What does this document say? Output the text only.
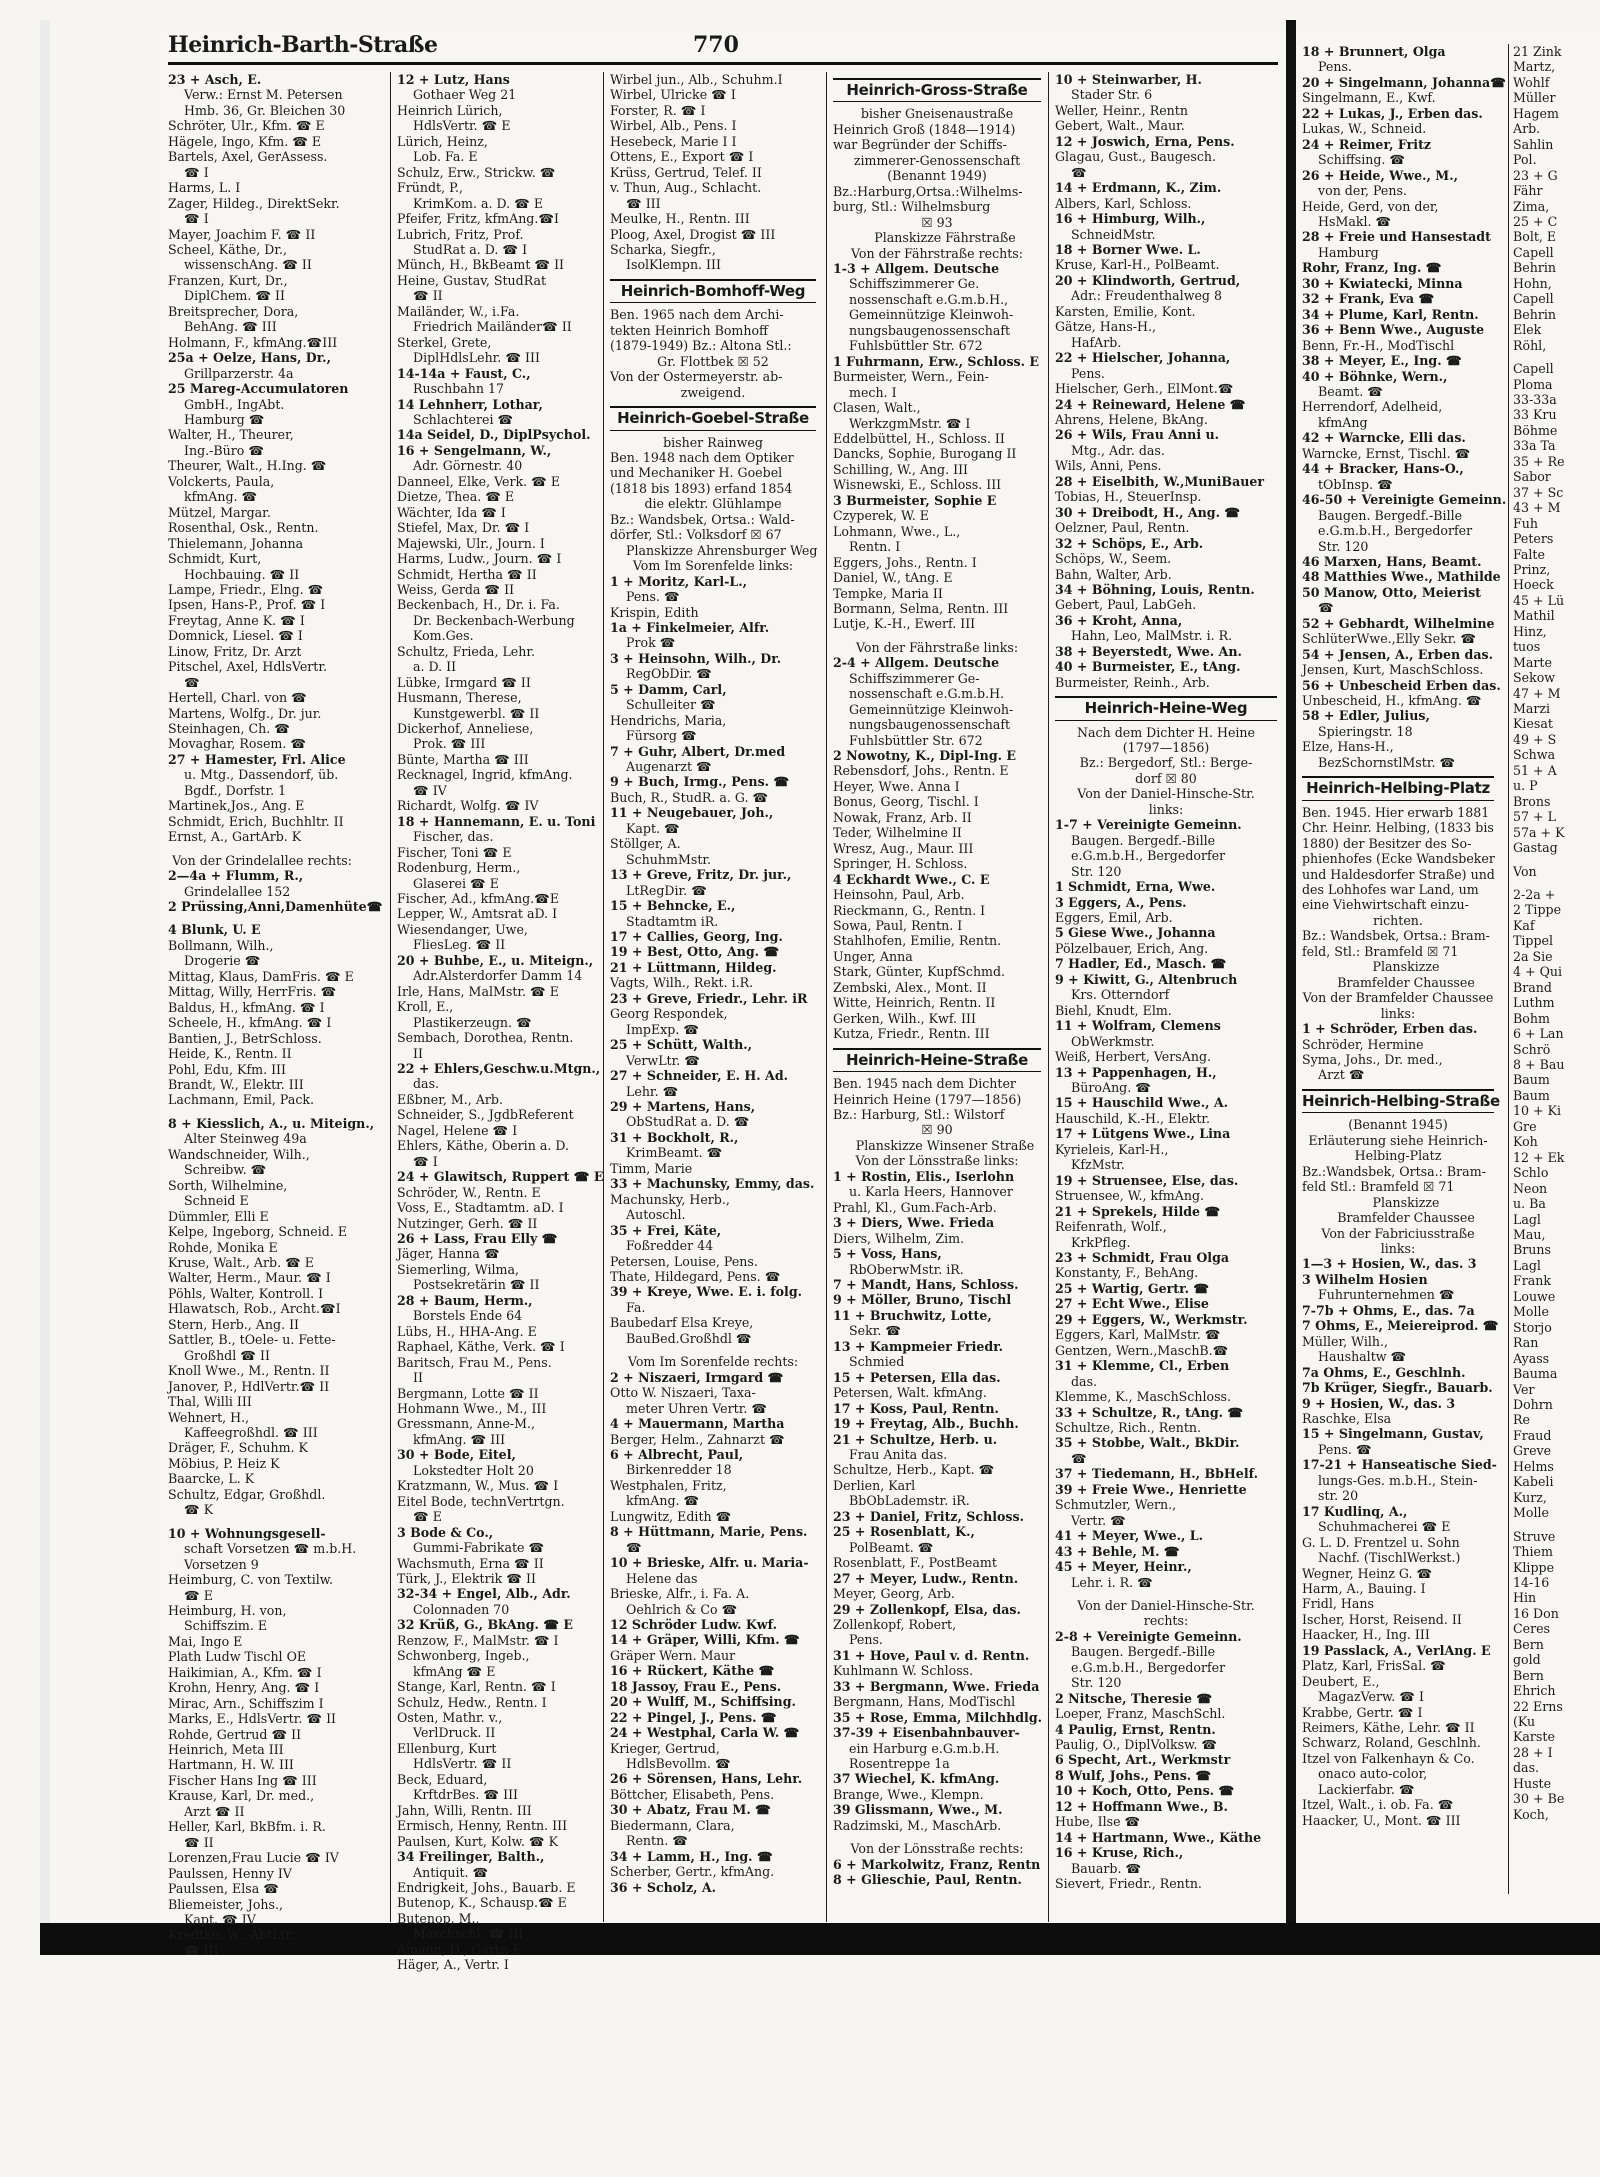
Heinrich-Barth-Straße	770
23 + Asch, E.
Verw.: Ernst M. Petersen
Hmb. 36, Gr. Bleichen 30
Schröter, Ulr., Kfm. ☎ E
Hägele, Ingo, Kfm. ☎ E
Bartels, Axel, GerAssess.
☎ I
Harms, L. I
Zager, Hildeg., DirektSekr.
☎ I
Mayer, Joachim F. ☎ II
Scheel, Käthe, Dr.,
wissenschAng. ☎ II
Franzen, Kurt, Dr.,
DiplChem. ☎ II
Breitsprecher, Dora,
BehAng. ☎ III
Holmann, F., kfmAng.☎III
25a + Oelze, Hans, Dr.,
Grillparzerstr. 4a
25 Mareg-Accumulatoren
GmbH., IngAbt.
Hamburg ☎
Walter, H., Theurer,
Ing.-Büro ☎
Theurer, Walt., H.Ing. ☎
Volckerts, Paula,
kfmAng. ☎
Mützel, Margar.
Rosenthal, Osk., Rentn.
Thielemann, Johanna
Schmidt, Kurt,
Hochbauing. ☎ II
Lampe, Friedr., Elng. ☎
Ipsen, Hans-P., Prof. ☎ I
Freytag, Anne K. ☎ I
Domnick, Liesel. ☎ I
Linow, Fritz, Dr. Arzt
Pitschel, Axel, HdlsVertr.
☎
Hertell, Charl. von ☎
Martens, Wolfg., Dr. jur.
Steinhagen, Ch. ☎
Movaghar, Rosem. ☎
27 + Hamester, Frl. Alice
u. Mtg., Dassendorf, üb.
Bgdf., Dorfstr. 1
Martinek,Jos., Ang. E
Schmidt, Erich, Buchhltr. II
Ernst, A., GartArb. K
Von der Grindelallee rechts:
2—4a + Flumm, R.,
Grindelallee 152
2 Prüssing,Anni,Damenhüte☎
4 Blunk, U. E
Bollmann, Wilh.,
Drogerie ☎
Mittag, Klaus, DamFris. ☎ E
Mittag, Willy, HerrFris. ☎
Baldus, H., kfmAng. ☎ I
Scheele, H., kfmAng. ☎ I
Bantien, J., BetrSchloss.
Heide, K., Rentn. II
Pohl, Edu, Kfm. III
Brandt, W., Elektr. III
Lachmann, Emil, Pack.
8 + Kiesslich, A., u. Miteign.,
Alter Steinweg 49a
Wandschneider, Wilh.,
Schreibw. ☎
Sorth, Wilhelmine,
Schneid E
Dümmler, Elli E
Kelpe, Ingeborg, Schneid. E
Rohde, Monika E
Kruse, Walt., Arb. ☎ E
Walter, Herm., Maur. ☎ I
Pöhls, Walter, Kontroll. I
Hlawatsch, Rob., Archt.☎I
Stern, Herb., Ang. II
Sattler, B., tOele- u. Fette-
Großhdl ☎ II
Knoll Wwe., M., Rentn. II
Janover, P., HdlVertr.☎ II
Thal, Willi III
Wehnert, H.,
Kaffeegroßhdl. ☎ III
Dräger, F., Schuhm. K
Möbius, P. Heiz K
Baarcke, L. K
Schultz, Edgar, Großhdl.
☎ K
10 + Wohnungsgesell-
schaft Vorsetzen ☎ m.b.H.
Vorsetzen 9
Heimburg, C. von Textilw.
☎ E
Heimburg, H. von,
Schiffszim. E
Mai, Ingo E
Plath Ludw Tischl OE
Haikimian, A., Kfm. ☎ I
Krohn, Henry, Ang. ☎ I
Mirac, Arn., Schiffszim I
Marks, E., HdlsVertr. ☎ II
Rohde, Gertrud ☎ II
Heinrich, Meta III
Hartmann, H. W. III
Fischer Hans Ing ☎ III
Krause, Karl, Dr. med.,
Arzt ☎ II
Heller, Karl, BkBfm. i. R.
☎ II
Lorenzen,Frau Lucie ☎ IV
Paulssen, Henny IV
Paulssen, Elsa ☎
Bliemeister, Johs.,
Kapt. ☎ IV
Kredtke, W., AbtLtr.
☎ III
12 + Lutz, Hans
Gothaer Weg 21
Heinrich Lürich,
HdlsVertr. ☎ E
Lürich, Heinz,
Lob. Fa. E
Schulz, Erw., Strickw. ☎
Fründt, P.,
KrimKom. a. D. ☎ E
Pfeifer, Fritz, kfmAng.☎I
Lubrich, Fritz, Prof.
StudRat a. D. ☎ I
Münch, H., BkBeamt ☎ II
Heine, Gustav, StudRat
☎ II
Mailänder, W., i.Fa.
Friedrich Mailänder☎ II
Sterkel, Grete,
DiplHdlsLehr. ☎ III
14-14a + Faust, C.,
Ruschbahn 17
14 Lehnherr, Lothar,
Schlachterei ☎
14a Seidel, D., DiplPsychol.
16 + Sengelmann, W.,
Adr. Görnestr. 40
Danneel, Elke, Verk. ☎ E
Dietze, Thea. ☎ E
Wächter, Ida ☎ I
Stiefel, Max, Dr. ☎ I
Majewski, Ulr., Journ. I
Harms, Ludw., Journ. ☎ I
Schmidt, Hertha ☎ II
Weiss, Gerda ☎ II
Beckenbach, H., Dr. i. Fa.
Dr. Beckenbach-Werbung
Kom.Ges.
Schultz, Frieda, Lehr.
a. D. II
Lübke, Irmgard ☎ II
Husmann, Therese,
Kunstgewerbl. ☎ II
Dickerhof, Anneliese,
Prok. ☎ III
Bünte, Martha ☎ III
Recknagel, Ingrid, kfmAng.
☎ IV
Richardt, Wolfg. ☎ IV
18 + Hannemann, E. u. Toni
Fischer, das.
Fischer, Toni ☎ E
Rodenburg, Herm.,
Glaserei ☎ E
Fischer, Ad., kfmAng.☎E
Lepper, W., Amtsrat aD. I
Wiesendanger, Uwe,
FliesLeg. ☎ II
20 + Buhbe, E., u. Miteign.,
Adr.Alsterdorfer Damm 14
Irle, Hans, MalMstr. ☎ E
Kroll, E.,
Plastikerzeugn. ☎
Sembach, Dorothea, Rentn.
II
22 + Ehlers,Geschw.u.Mtgn.,
das.
Eßbner, M., Arb.
Schneider, S., JgdbReferent
Nagel, Helene ☎ I
Ehlers, Käthe, Oberin a. D.
☎ I
24 + Glawitsch, Ruppert ☎ E
Schröder, W., Rentn. E
Voss, E., Stadtamtm. aD. I
Nutzinger, Gerh. ☎ II
26 + Lass, Frau Elly ☎
Jäger, Hanna ☎
Siemerling, Wilma,
Postsekretärin ☎ II
28 + Baum, Herm.,
Borstels Ende 64
Lübs, H., HHA-Ang. E
Raphael, Käthe, Verk. ☎ I
Baritsch, Frau M., Pens.
II
Bergmann, Lotte ☎ II
Hohmann Wwe., M., III
Gressmann, Anne-M.,
kfmAng. ☎ III
30 + Bode, Eitel,
Lokstedter Holt 20
Kratzmann, W., Mus. ☎ I
Eitel Bode, technVertrtgn.
☎ E
3 Bode & Co.,
Gummi-Fabrikate ☎
Wachsmuth, Erna ☎ II
Türk, J., Elektrik ☎ II
32-34 + Engel, Alb., Adr.
Colonnaden 70
32 Krüß, G., BkAng. ☎ E
Renzow, F., MalMstr. ☎ I
Schwonberg, Ingeb.,
kfmAng ☎ E
Stange, Karl, Rentn. ☎ I
Schulz, Hedw., Rentn. I
Osten, Mathr. v.,
VerlDruck. II
Ellenburg, Kurt
HdlsVertr. ☎ II
Beck, Eduard,
KrftdrBes. ☎ III
Jahn, Willi, Rentn. III
Ermisch, Henny, Rentn. III
Paulsen, Kurt, Kolw. ☎ K
34 Freilinger, Balth.,
Antiquit. ☎
Endrigkeit, Johs., Bauarb. E
Butenop, K., Schausp.☎ E
Butenop, M.,
Maschschl. ☎ III
Amann, D., Gärtn E
Häger, A., Vertr. I
Wirbel jun., Alb., Schuhm.I
Wirbel, Ulricke ☎ I
Forster, R. ☎ I
Wirbel, Alb., Pens. I
Hesebeck, Marie I I
Ottens, E., Export ☎ I
Krüss, Gertrud, Telef. II
v. Thun, Aug., Schlacht.
☎ III
Meulke, H., Rentn. III
Ploog, Axel, Drogist ☎ III
Scharka, Siegfr.,
IsolKlempn. III
Heinrich-Bomhoff-Weg
Ben. 1965 nach dem Archi-
tekten Heinrich Bomhoff
(1879-1949) Bz.: Altona Stl.:
Gr. Flottbek ☒ 52
Von der Ostermeyerstr. ab-
zweigend.
Heinrich-Goebel-Straße
bisher Rainweg
Ben. 1948 nach dem Optiker
und Mechaniker H. Goebel
(1818 bis 1893) erfand 1854
die elektr. Glühlampe
Bz.: Wandsbek, Ortsa.: Wald-
dörfer, Stl.: Volksdorf ☒ 67
Planskizze Ahrensburger Weg
Vom Im Sorenfelde links:
1 + Moritz, Karl-L.,
Pens. ☎
Krispin, Edith
1a + Finkelmeier, Alfr.
Prok ☎
3 + Heinsohn, Wilh., Dr.
RegObDir. ☎
5 + Damm, Carl,
Schulleiter ☎
Hendrichs, Maria,
Fürsorg ☎
7 + Guhr, Albert, Dr.med
Augenarzt ☎
9 + Buch, Irmg., Pens. ☎
Buch, R., StudR. a. G. ☎
11 + Neugebauer, Joh.,
Kapt. ☎
Stöllger, A.
SchuhmMstr.
13 + Greve, Fritz, Dr. jur.,
LtRegDir. ☎
15 + Behncke, E.,
Stadtamtm iR.
17 + Callies, Georg, Ing.
19 + Best, Otto, Ang. ☎
21 + Lüttmann, Hildeg.
Vagts, Wilh., Rekt. i.R.
23 + Greve, Friedr., Lehr. iR
Georg Respondek,
ImpExp. ☎
25 + Schütt, Walth.,
VerwLtr. ☎
27 + Schneider, E. H. Ad.
Lehr. ☎
29 + Martens, Hans,
ObStudRat a. D. ☎
31 + Bockholt, R.,
KrimBeamt. ☎
Timm, Marie
33 + Machunsky, Emmy, das.
Machunsky, Herb.,
Autoschl.
35 + Frei, Käte,
Foßredder 44
Petersen, Louise, Pens.
Thate, Hildegard, Pens. ☎
39 + Kreye, Wwe. E. i. folg.
Fa.
Baubedarf Elsa Kreye,
BauBed.Großhdl ☎
Vom Im Sorenfelde rechts:
2 + Niszaeri, Irmgard ☎
Otto W. Niszaeri, Taxa-
meter Uhren Vertr. ☎
4 + Mauermann, Martha
Berger, Helm., Zahnarzt ☎
6 + Albrecht, Paul,
Birkenredder 18
Westphalen, Fritz,
kfmAng. ☎
Lungwitz, Edith ☎
8 + Hüttmann, Marie, Pens.
☎
10 + Brieske, Alfr. u. Maria-
Helene das
Brieske, Alfr., i. Fa. A.
Oehlrich & Co ☎
12 Schröder Ludw. Kwf.
14 + Gräper, Willi, Kfm. ☎
Gräper Wern. Maur
16 + Rückert, Käthe ☎
18 Jassoy, Frau E., Pens.
20 + Wulff, M., Schiffsing.
22 + Pingel, J., Pens. ☎
24 + Westphal, Carla W. ☎
Krieger, Gertrud,
HdlsBevollm. ☎
26 + Sörensen, Hans, Lehr.
Böttcher, Elisabeth, Pens.
30 + Abatz, Frau M. ☎
Biedermann, Clara,
Rentn. ☎
34 + Lamm, H., Ing. ☎
Scherber, Gertr., kfmAng.
36 + Scholz, A.
Heinrich-Gross-Straße
bisher Gneisenaustraße
Heinrich Groß (1848—1914)
war Begründer der Schiffs-
zimmerer-Genossenschaft
(Benannt 1949)
Bz.:Harburg,Ortsa.:Wilhelms-
burg, Stl.: Wilhelmsburg
☒ 93
Planskizze Fährstraße
Von der Fährstraße rechts:
1-3 + Allgem. Deutsche
Schiffszimmerer Ge.
nossenschaft e.G.m.b.H.,
Gemeinnützige Kleinwoh-
nungsbaugenossenschaft
Fuhlsbüttler Str. 672
1 Fuhrmann, Erw., Schloss. E
Burmeister, Wern., Fein-
mech. I
Clasen, Walt.,
WerkzgmMstr. ☎ I
Eddelbüttel, H., Schloss. II
Dancks, Sophie, Burogang II
Schilling, W., Ang. III
Wisnewski, E., Schloss. III
3 Burmeister, Sophie E
Czyperek, W. E
Lohmann, Wwe., L.,
Rentn. I
Eggers, Johs., Rentn. I
Daniel, W., tAng. E
Tempke, Maria II
Bormann, Selma, Rentn. III
Lutje, K.-H., Ewerf. III
Von der Fährstraße links:
2-4 + Allgem. Deutsche
Schiffszimmerer Ge-
nossenschaft e.G.m.b.H.
Gemeinnützige Kleinwoh-
nungsbaugenossenschaft
Fuhlsbüttler Str. 672
2 Nowotny, K., Dipl-Ing. E
Rebensdorf, Johs., Rentn. E
Heyer, Wwe. Anna I
Bonus, Georg, Tischl. I
Nowak, Franz, Arb. II
Teder, Wilhelmine II
Wresz, Aug., Maur. III
Springer, H. Schloss.
4 Eckhardt Wwe., C. E
Heinsohn, Paul, Arb.
Rieckmann, G., Rentn. I
Sowa, Paul, Rentn. I
Stahlhofen, Emilie, Rentn.
Unger, Anna
Stark, Günter, KupfSchmd.
Zembski, Alex., Mont. II
Witte, Heinrich, Rentn. II
Gerken, Wilh., Kwf. III
Kutza, Friedr., Rentn. III
Heinrich-Heine-Straße
Ben. 1945 nach dem Dichter
Heinrich Heine (1797—1856)
Bz.: Harburg, Stl.: Wilstorf
☒ 90
Planskizze Winsener Straße
Von der Lönsstraße links:
1 + Rostin, Elis., Iserlohn
u. Karla Heers, Hannover
Prahl, Kl., Gum.Fach-Arb.
3 + Diers, Wwe. Frieda
Diers, Wilhelm, Zim.
5 + Voss, Hans,
RbOberwMstr. iR.
7 + Mandt, Hans, Schloss.
9 + Möller, Bruno, Tischl
11 + Bruchwitz, Lotte,
Sekr. ☎
13 + Kampmeier Friedr.
Schmied
15 + Petersen, Ella das.
Petersen, Walt. kfmAng.
17 + Koss, Paul, Rentn.
19 + Freytag, Alb., Buchh.
21 + Schultze, Herb. u.
Frau Anita das.
Schultze, Herb., Kapt. ☎
Derlien, Karl
BbObLademstr. iR.
23 + Daniel, Fritz, Schloss.
25 + Rosenblatt, K.,
PolBeamt. ☎
Rosenblatt, F., PostBeamt
27 + Meyer, Ludw., Rentn.
Meyer, Georg, Arb.
29 + Zollenkopf, Elsa, das.
Zollenkopf, Robert,
Pens.
31 + Hove, Paul v. d. Rentn.
Kuhlmann W. Schloss.
33 + Bergmann, Wwe. Frieda
Bergmann, Hans, ModTischl
35 + Rose, Emma, Milchhdlg.
37-39 + Eisenbahnbauver-
ein Harburg e.G.m.b.H.
Rosentreppe 1a
37 Wiechel, K. kfmAng.
Brange, Wwe., Klempn.
39 Glissmann, Wwe., M.
Radzimski, M., MaschArb.
Von der Lönsstraße rechts:
6 + Markolwitz, Franz, Rentn
8 + Glieschie, Paul, Rentn.
10 + Steinwarber, H.
Stader Str. 6
Weller, Heinr., Rentn
Gebert, Walt., Maur.
12 + Joswich, Erna, Pens.
Glagau, Gust., Baugesch.
☎
14 + Erdmann, K., Zim.
Albers, Karl, Schloss.
16 + Himburg, Wilh.,
SchneidMstr.
18 + Borner Wwe. L.
Kruse, Karl-H., PolBeamt.
20 + Klindworth, Gertrud,
Adr.: Freudenthalweg 8
Karsten, Emilie, Kont.
Gätze, Hans-H.,
HafArb.
22 + Hielscher, Johanna,
Pens.
Hielscher, Gerh., ElMont.☎
24 + Reineward, Helene ☎
Ahrens, Helene, BkAng.
26 + Wils, Frau Anni u.
Mtg., Adr. das.
Wils, Anni, Pens.
28 + Eiselbith, W.,MuniBauer
Tobias, H., SteuerInsp.
30 + Dreibodt, H., Ang. ☎
Oelzner, Paul, Rentn.
32 + Schöps, E., Arb.
Schöps, W., Seem.
Bahn, Walter, Arb.
34 + Böhning, Louis, Rentn.
Gebert, Paul, LabGeh.
36 + Kroht, Anna,
Hahn, Leo, MalMstr. i. R.
38 + Beyerstedt, Wwe. An.
40 + Burmeister, E., tAng.
Burmeister, Reinh., Arb.
Heinrich-Heine-Weg
Nach dem Dichter H. Heine
(1797—1856)
Bz.: Bergedorf, Stl.: Berge-
dorf ☒ 80
Von der Daniel-Hinsche-Str.
links:
1-7 + Vereinigte Gemeinn.
Baugen. Bergedf.-Bille
e.G.m.b.H., Bergedorfer
Str. 120
1 Schmidt, Erna, Wwe.
3 Eggers, A., Pens.
Eggers, Emil, Arb.
5 Giese Wwe., Johanna
Pölzelbauer, Erich, Ang.
7 Hadler, Ed., Masch. ☎
9 + Kiwitt, G., Altenbruch
Krs. Otterndorf
Biehl, Knudt, Elm.
11 + Wolfram, Clemens
ObWerkmstr.
Weiß, Herbert, VersAng.
13 + Pappenhagen, H.,
BüroAng. ☎
15 + Hauschild Wwe., A.
Hauschild, K.-H., Elektr.
17 + Lütgens Wwe., Lina
Kyrieleis, Karl-H.,
KfzMstr.
19 + Struensee, Else, das.
Struensee, W., kfmAng.
21 + Sprekels, Hilde ☎
Reifenrath, Wolf.,
KrkPfleg.
23 + Schmidt, Frau Olga
Konstanty, F., BehAng.
25 + Wartig, Gertr. ☎
27 + Echt Wwe., Elise
29 + Eggers, W., Werkmstr.
Eggers, Karl, MalMstr. ☎
Gentzen, Wern.,MaschB.☎
31 + Klemme, Cl., Erben
das.
Klemme, K., MaschSchloss.
33 + Schultze, R., tAng. ☎
Schultze, Rich., Rentn.
35 + Stobbe, Walt., BkDir.
☎
37 + Tiedemann, H., BbHelf.
39 + Freie Wwe., Henriette
Schmutzler, Wern.,
Vertr. ☎
41 + Meyer, Wwe., L.
43 + Behle, M. ☎
45 + Meyer, Heinr.,
Lehr. i. R. ☎
Von der Daniel-Hinsche-Str.
rechts:
2-8 + Vereinigte Gemeinn.
Baugen. Bergedf.-Bille
e.G.m.b.H., Bergedorfer
Str. 120
2 Nitsche, Theresie ☎
Loeper, Franz, MaschSchl.
4 Paulig, Ernst, Rentn.
Paulig, O., DiplVolksw. ☎
6 Specht, Art., Werkmstr
8 Wulf, Johs., Pens. ☎
10 + Koch, Otto, Pens. ☎
12 + Hoffmann Wwe., B.
Hube, Ilse ☎
14 + Hartmann, Wwe., Käthe
16 + Kruse, Rich.,
Bauarb. ☎
Sievert, Friedr., Rentn.
18 + Brunnert, Olga
Pens.
20 + Singelmann, Johanna☎
Singelmann, E., Kwf.
22 + Lukas, J., Erben das.
Lukas, W., Schneid.
24 + Reimer, Fritz
Schiffsing. ☎
26 + Heide, Wwe., M.,
von der, Pens.
Heide, Gerd, von der,
HsMakl. ☎
28 + Freie und Hansestadt
Hamburg
Rohr, Franz, Ing. ☎
30 + Kwiatecki, Minna
32 + Frank, Eva ☎
34 + Plume, Karl, Rentn.
36 + Benn Wwe., Auguste
Benn, Fr.-H., ModTischl
38 + Meyer, E., Ing. ☎
40 + Böhnke, Wern.,
Beamt. ☎
Herrendorf, Adelheid,
kfmAng
42 + Warncke, Elli das.
Warncke, Ernst, Tischl. ☎
44 + Bracker, Hans-O.,
tObInsp. ☎
46-50 + Vereinigte Gemeinn.
Baugen. Bergedf.-Bille
e.G.m.b.H., Bergedorfer
Str. 120
46 Marxen, Hans, Beamt.
48 Matthies Wwe., Mathilde
50 Manow, Otto, Meierist
☎
52 + Gebhardt, Wilhelmine
SchlüterWwe.,Elly Sekr. ☎
54 + Jensen, A., Erben das.
Jensen, Kurt, MaschSchloss.
56 + Unbescheid Erben das.
Unbescheid, H., kfmAng. ☎
58 + Edler, Julius,
Spieringstr. 18
Elze, Hans-H.,
BezSchornstlMstr. ☎
Heinrich-Helbing-Platz
Ben. 1945. Hier erwarb 1881
Chr. Heinr. Helbing, (1833 bis
1880) der Besitzer des So-
phienhofes (Ecke Wandsbeker
und Haldesdorfer Straße) und
des Lohhofes war Land, um
eine Viehwirtschaft einzu-
richten.
Bz.: Wandsbek, Ortsa.: Bram-
feld, Stl.: Bramfeld ☒ 71
Planskizze
Bramfelder Chaussee
Von der Bramfelder Chaussee
links:
1 + Schröder, Erben das.
Schröder, Hermine
Syma, Johs., Dr. med.,
Arzt ☎
Heinrich-Helbing-Straße
(Benannt 1945)
Erläuterung siehe Heinrich-
Helbing-Platz
Bz.:Wandsbek, Ortsa.: Bram-
feld Stl.: Bramfeld ☒ 71
Planskizze
Bramfelder Chaussee
Von der Fabriciusstraße
links:
1—3 + Hosien, W., das. 3
3 Wilhelm Hosien
Fuhrunternehmen ☎
7-7b + Ohms, E., das. 7a
7 Ohms, E., Meiereiprod. ☎
Müller, Wilh.,
Haushaltw ☎
7a Ohms, E., Geschlnh.
7b Krüger, Siegfr., Bauarb.
9 + Hosien, W., das. 3
Raschke, Elsa
15 + Singelmann, Gustav,
Pens. ☎
17-21 + Hanseatische Sied-
lungs-Ges. m.b.H., Stein-
str. 20
17 Kudlinq, A.,
Schuhmacherei ☎ E
G. L. D. Frentzel u. Sohn
Nachf. (TischlWerkst.)
Wegner, Heinz G. ☎
Harm, A., Bauing. I
Fridl, Hans
Ischer, Horst, Reisend. II
Haacker, H., Ing. III
19 Passlack, A., VerlAng. E
Platz, Karl, FrisSal. ☎
Deubert, E.,
MagazVerw. ☎ I
Krabbe, Gertr. ☎ I
Reimers, Käthe, Lehr. ☎ II
Schwarz, Roland, Geschlnh.
Itzel von Falkenhayn & Co.
onaco auto-color,
Lackierfabr. ☎
Itzel, Walt., i. ob. Fa. ☎
Haacker, U., Mont. ☎ III
21 Zink
Martz,
Wohlf
Müller
Hagem
Arb.
Sahlin
Pol.
23 + G
Fähr
Zima,
25 + C
Bolt, E
Capell
Behrin
Hohn,
Capell
Behrin
Elek
Röhl,
Capell
Ploma
33-33a
33 Kru
Böhme
33a Ta
35 + Re
Sabor
37 + Sc
43 + M
Fuh
Peters
Falte
Prinz,
Hoeck
45 + Lü
Mathil
Hinz,
tuos
Marte
Sekow
47 + M
Marzi
Kiesat
49 + S
Schwa
51 + A
u. P
Brons
57 + L
57a + K
Gastag
Von
2-2a +
2 Tippe
Kaf
Tippel
2a Sie
4 + Qui
Brand
Luthm
Bohm
6 + Lan
Schrö
8 + Bau
Baum
Baum
10 + Ki
Gre
Koh
12 + Ek
Schlo
Neon
u. Ba
Lagl
Mau,
Bruns
Lagl
Frank
Louwe
Molle
Storjo
Ran
Ayass
Bauma
Ver
Dohrn
Re
Fraud
Greve
Helms
Kabeli
Kurz,
Molle
Struve
Thiem
Klippe
14-16
Hin
16 Don
Ceres
Bern
gold
Bern
Ehrich
22 Erns
(Ku
Karste
28 + I
das.
Huste
30 + Be
Koch,
